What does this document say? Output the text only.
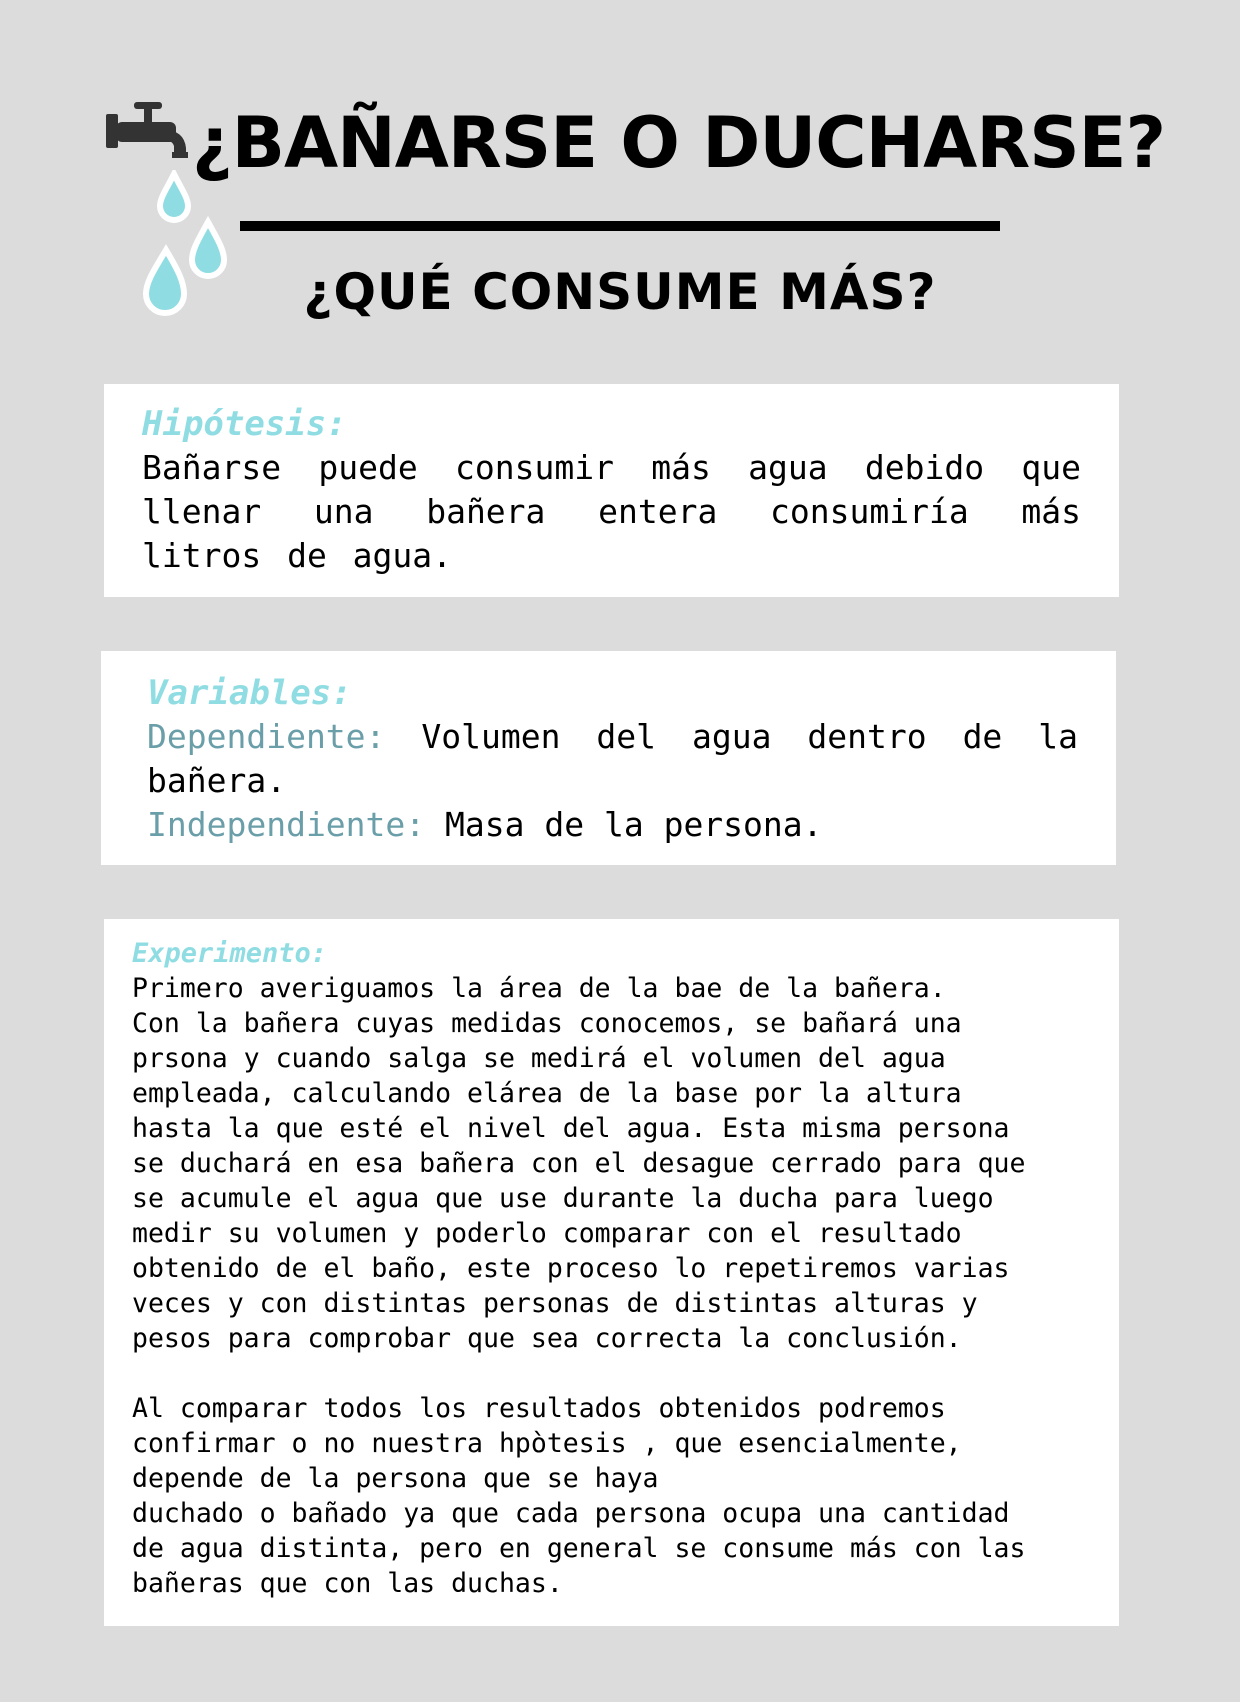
¿BAÑARSE O DUCHARSE?
¿QUÉ CONSUME MÁS?

Hipótesis:

Bañarse puede consumir más agua debido que llenar una bañera entera consumiría más litros de agua.

Variables:

Dependiente: Volumen del agua dentro de la bañera.

Independiente: Masa de la persona.

Experimento:

Primero averiguamos la área de la bae de la bañera.
Con la bañera cuyas medidas conocemos, se bañará una
prsona y cuando salga se medirá el volumen del agua
empleada, calculando elárea de la base por la altura
hasta la que esté el nivel del agua. Esta misma persona
se duchará en esa bañera con el desague cerrado para que
se acumule el agua que use durante la ducha para luego
medir su volumen y poderlo comparar con el resultado
obtenido de el baño, este proceso lo repetiremos varias
veces y con distintas personas de distintas alturas y
pesos para comprobar que sea correcta la conclusión.

Al comparar todos los resultados obtenidos podremos
confirmar o no nuestra hpòtesis , que esencialmente,
depende de la persona que se haya
duchado o bañado ya que cada persona ocupa una cantidad
de agua distinta, pero en general se consume más con las
bañeras que con las duchas.
